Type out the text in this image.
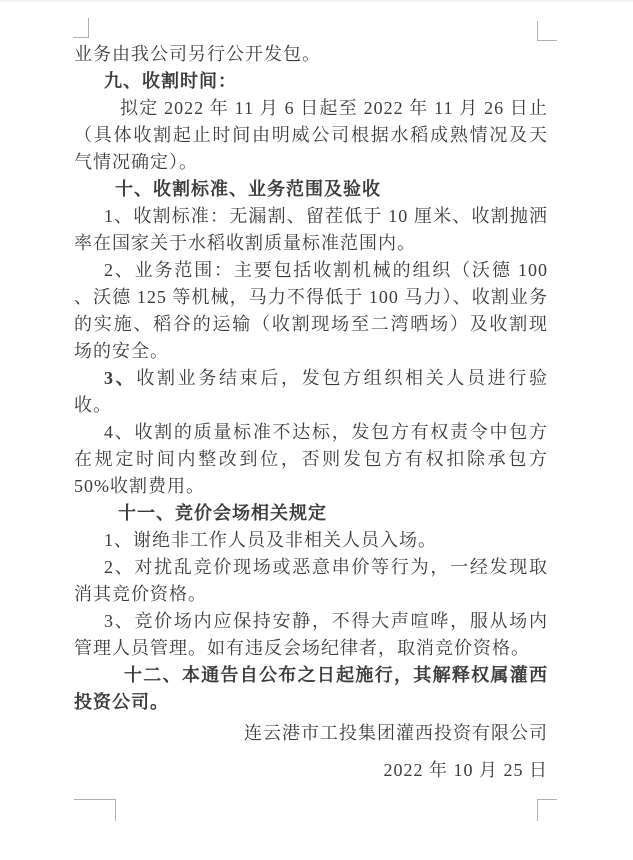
业务由我公司另行公开发包。

九、收割时间：

拟定 2022 年 11 月 6 日起至 2022 年 11 月 26 日止（具体收割起止时间由明威公司根据水稻成熟情况及天气情况确定）。

十、收割标准、业务范围及验收

1、收割标准：无漏割、留茬低于 10 厘米、收割抛洒率在国家关于水稻收割质量标准范围内。

2、业务范围：主要包括收割机械的组织（沃德 100 、沃德 125 等机械，马力不得低于 100 马力）、收割业务的实施、稻谷的运输（收割现场至二湾晒场）及收割现场的安全。

3、收割业务结束后，发包方组织相关人员进行验收。

4、收割的质量标准不达标，发包方有权责令中包方在规定时间内整改到位，否则发包方有权扣除承包方 50%收割费用。

十一、竞价会场相关规定

1、谢绝非工作人员及非相关人员入场。

2、对扰乱竞价现场或恶意串价等行为，一经发现取消其竞价资格。

3、竞价场内应保持安静，不得大声喧哗，服从场内管理人员管理。如有违反会场纪律者，取消竞价资格。

十二、本通告自公布之日起施行，其解释权属灌西投资公司。

连云港市工投集团灌西投资有限公司

2022 年 10 月 25 日
